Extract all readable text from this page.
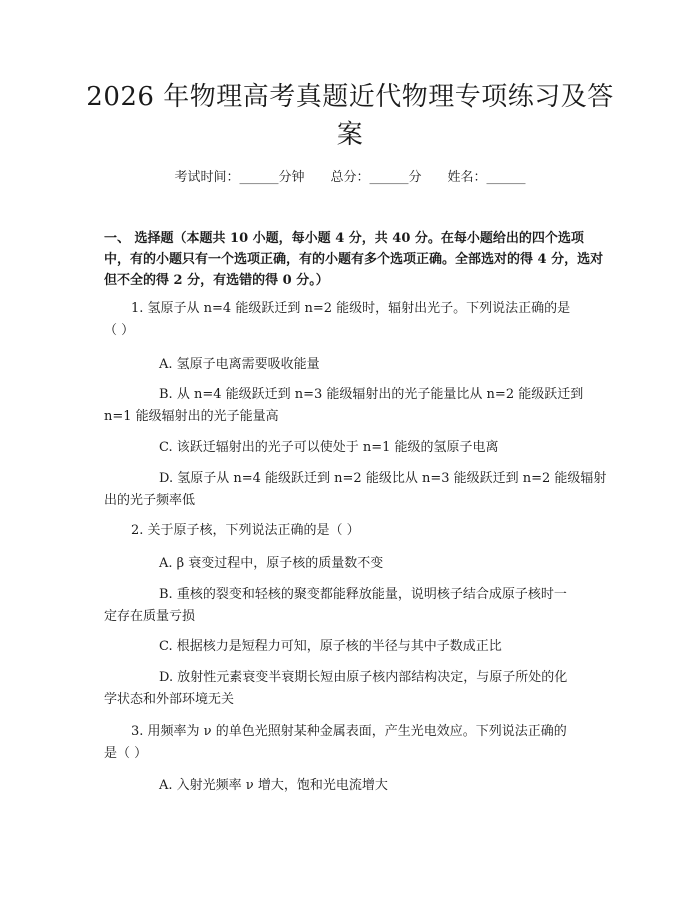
2026 年物理高考真题近代物理专项练习及答
案
考试时间：______分钟 总分：______分 姓名：______
一、 选择题（本题共 10 小题，每小题 4 分，共 40 分。在每小题给出的四个选项中，有的小题只有一个选项正确，有的小题有多个选项正确。全部选对的得 4 分，选对但不全的得 2 分，有选错的得 0 分。）
1. 氢原子从 n=4 能级跃迁到 n=2 能级时，辐射出光子。下列说法正确的是
（ ）
A. 氢原子电离需要吸收能量
B. 从 n=4 能级跃迁到 n=3 能级辐射出的光子能量比从 n=2 能级跃迁到
n=1 能级辐射出的光子能量高
C. 该跃迁辐射出的光子可以使处于 n=1 能级的氢原子电离
D. 氢原子从 n=4 能级跃迁到 n=2 能级比从 n=3 能级跃迁到 n=2 能级辐射
出的光子频率低
2. 关于原子核，下列说法正确的是（ ）
A. β 衰变过程中，原子核的质量数不变
B. 重核的裂变和轻核的聚变都能释放能量，说明核子结合成原子核时一
定存在质量亏损
C. 根据核力是短程力可知，原子核的半径与其中子数成正比
D. 放射性元素衰变半衰期长短由原子核内部结构决定，与原子所处的化
学状态和外部环境无关
3. 用频率为 ν 的单色光照射某种金属表面，产生光电效应。下列说法正确的
是（ ）
A. 入射光频率 ν 增大，饱和光电流增大
